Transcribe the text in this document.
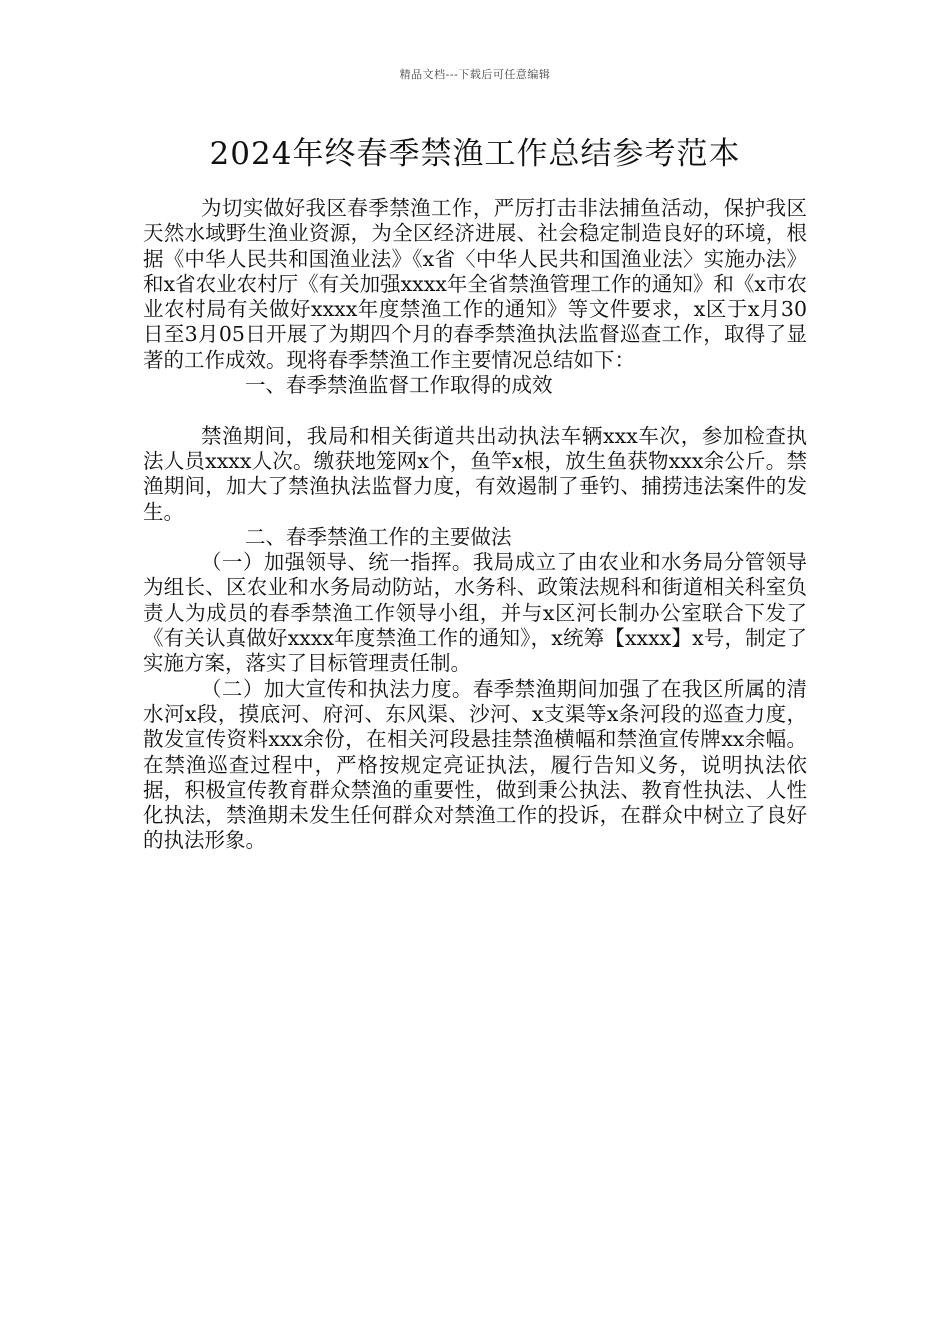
精品文档---下载后可任意编辑
2024年终春季禁渔工作总结参考范本

为切实做好我区春季禁渔工作，严厉打击非法捕鱼活动，保护我区天然水域野生渔业资源，为全区经济进展、社会稳定制造良好的环境，根据《中华人民共和国渔业法》《x省〈中华人民共和国渔业法〉实施办法》和x省农业农村厅《有关加强xxxx年全省禁渔管理工作的通知》和《x市农业农村局有关做好xxxx年度禁渔工作的通知》等文件要求，x区于x月30日至3月05日开展了为期四个月的春季禁渔执法监督巡查工作，取得了显著的工作成效。现将春季禁渔工作主要情况总结如下：

一、春季禁渔监督工作取得的成效

禁渔期间，我局和相关街道共出动执法车辆xxx车次，参加检查执法人员xxxx人次。缴获地笼网x个，鱼竿x根，放生鱼获物xxx余公斤。禁渔期间，加大了禁渔执法监督力度，有效遏制了垂钓、捕捞违法案件的发生。

二、春季禁渔工作的主要做法

（一）加强领导、统一指挥。我局成立了由农业和水务局分管领导为组长、区农业和水务局动防站，水务科、政策法规科和街道相关科室负责人为成员的春季禁渔工作领导小组，并与x区河长制办公室联合下发了《有关认真做好xxxx年度禁渔工作的通知》，x统筹【xxxx】x号，制定了实施方案，落实了目标管理责任制。

（二）加大宣传和执法力度。春季禁渔期间加强了在我区所属的清水河x段，摸底河、府河、东风渠、沙河、x支渠等x条河段的巡查力度，散发宣传资料xxx余份，在相关河段悬挂禁渔横幅和禁渔宣传牌xx余幅。在禁渔巡查过程中，严格按规定亮证执法，履行告知义务，说明执法依据，积极宣传教育群众禁渔的重要性，做到秉公执法、教育性执法、人性化执法，禁渔期未发生任何群众对禁渔工作的投诉，在群众中树立了良好的执法形象。
